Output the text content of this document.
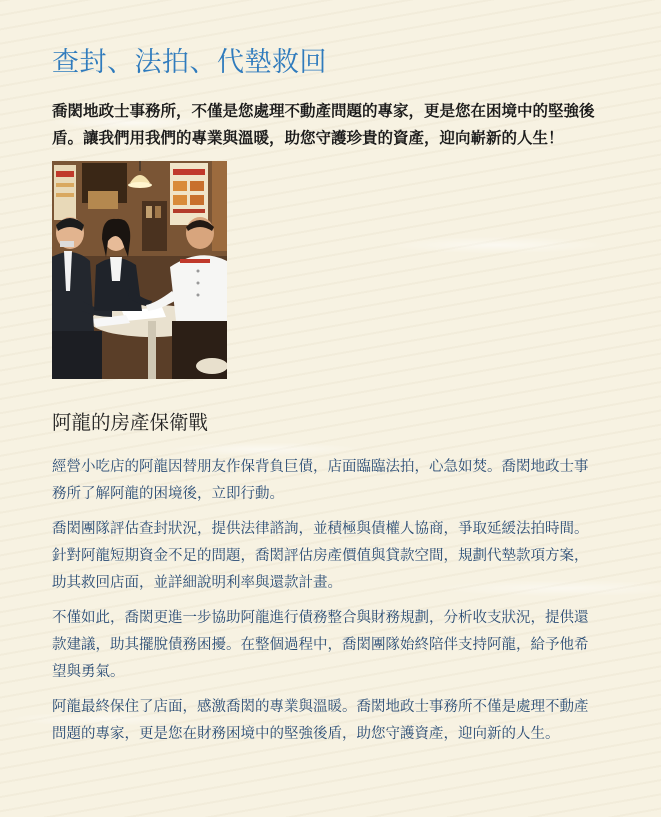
查封、法拍、代墊救回

喬閎地政士事務所，不僅是您處理不動產問題的專家，更是您在困境中的堅強後盾。讓我們用我們的專業與溫暖，助您守護珍貴的資產，迎向嶄新的人生！

阿龍的房產保衛戰

經營小吃店的阿龍因替朋友作保背負巨債，店面臨臨法拍，心急如焚。喬閎地政士事務所了解阿龍的困境後，立即行動。

喬閎團隊評估查封狀況，提供法律諮詢，並積極與債權人協商，爭取延緩法拍時間。針對阿龍短期資金不足的問題，喬閎評估房產價值與貸款空間，規劃代墊款項方案，助其救回店面，並詳細說明利率與還款計畫。

不僅如此，喬閎更進一步協助阿龍進行債務整合與財務規劃，分析收支狀況，提供還款建議，助其擺脫債務困擾。在整個過程中，喬閎團隊始終陪伴支持阿龍，給予他希望與勇氣。

阿龍最終保住了店面，感激喬閎的專業與溫暖。喬閎地政士事務所不僅是處理不動產問題的專家，更是您在財務困境中的堅強後盾，助您守護資產，迎向新的人生。
